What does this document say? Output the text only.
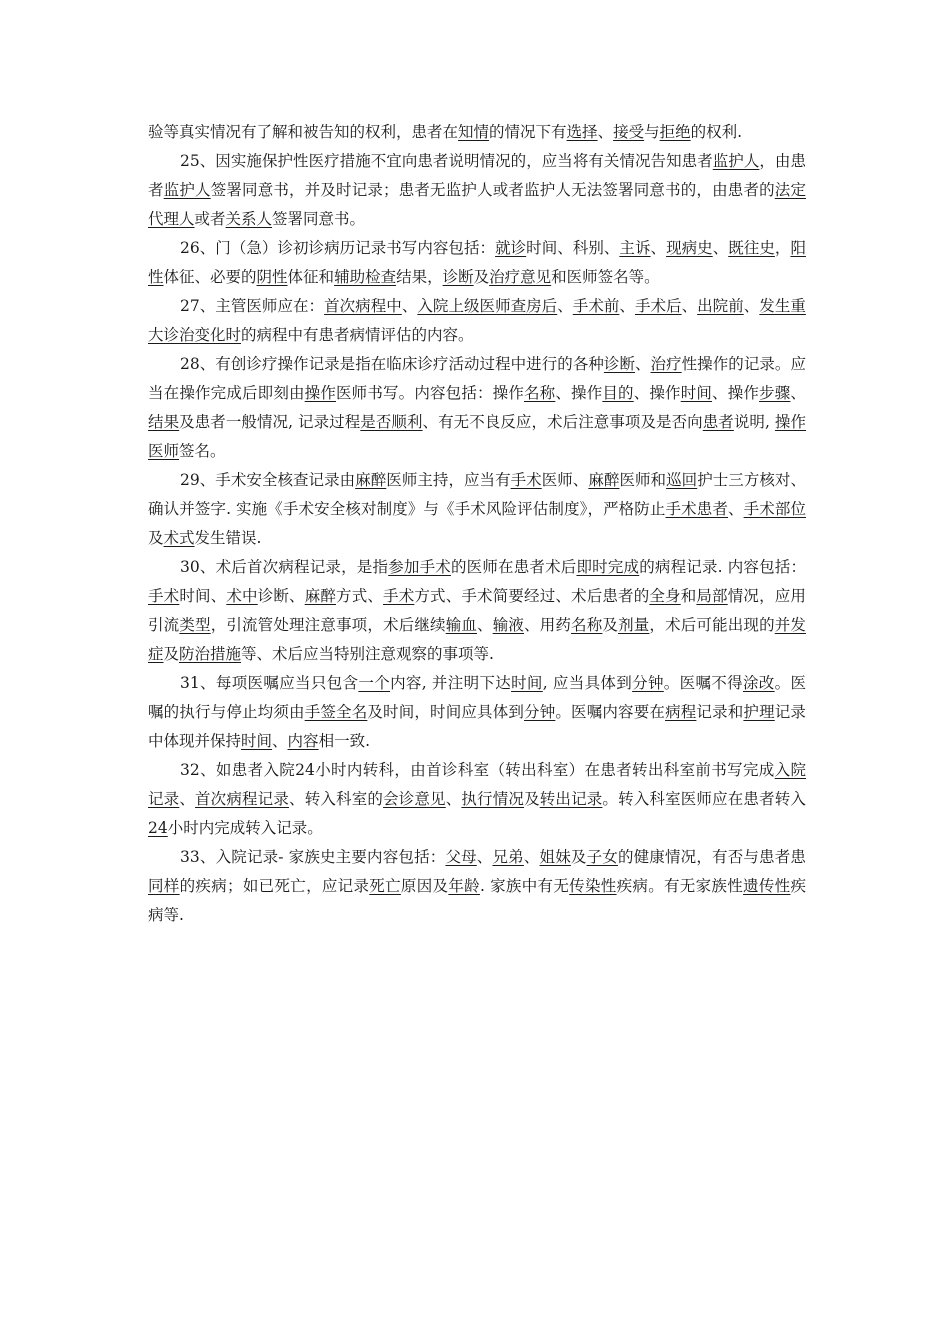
验等真实情况有了解和被告知的权利，患者在知情的情况下有选择、接受与拒绝的权利.

25、因实施保护性医疗措施不宜向患者说明情况的，应当将有关情况告知患者监护人，由患者监护人签署同意书，并及时记录；患者无监护人或者监护人无法签署同意书的，由患者的法定代理人或者关系人签署同意书。

26、门（急）诊初诊病历记录书写内容包括：就诊时间、科别、主诉、现病史、既往史，阳性体征、必要的阴性体征和辅助检查结果，诊断及治疗意见和医师签名等。

27、主管医师应在：首次病程中、入院上级医师查房后、手术前、手术后、出院前、发生重大诊治变化时的病程中有患者病情评估的内容。

28、有创诊疗操作记录是指在临床诊疗活动过程中进行的各种诊断、治疗性操作的记录。应当在操作完成后即刻由操作医师书写。内容包括：操作名称、操作目的、操作时间、操作步骤、结果及患者一般情况, 记录过程是否顺利、有无不良反应，术后注意事项及是否向患者说明, 操作医师签名。

29、手术安全核查记录由麻醉医师主持，应当有手术医师、麻醉医师和巡回护士三方核对、确认并签字. 实施《手术安全核对制度》与《手术风险评估制度》，严格防止手术患者、手术部位及术式发生错误.

30、术后首次病程记录，是指参加手术的医师在患者术后即时完成的病程记录. 内容包括：手术时间、术中诊断、麻醉方式、手术方式、手术简要经过、术后患者的全身和局部情况，应用引流类型，引流管处理注意事项，术后继续输血、输液、用药名称及剂量，术后可能出现的并发症及防治措施等、术后应当特别注意观察的事项等.

31、每项医嘱应当只包含一个内容, 并注明下达时间, 应当具体到分钟。医嘱不得涂改。医嘱的执行与停止均须由手签全名及时间，时间应具体到分钟。医嘱内容要在病程记录和护理记录中体现并保持时间、内容相一致.

32、如患者入院24小时内转科，由首诊科室（转出科室）在患者转出科室前书写完成入院记录、首次病程记录、转入科室的会诊意见、执行情况及转出记录。转入科室医师应在患者转入24小时内完成转入记录。

33、入院记录- 家族史主要内容包括：父母、兄弟、姐妹及子女的健康情况，有否与患者患同样的疾病；如已死亡，应记录死亡原因及年龄. 家族中有无传染性疾病。有无家族性遗传性疾病等.
